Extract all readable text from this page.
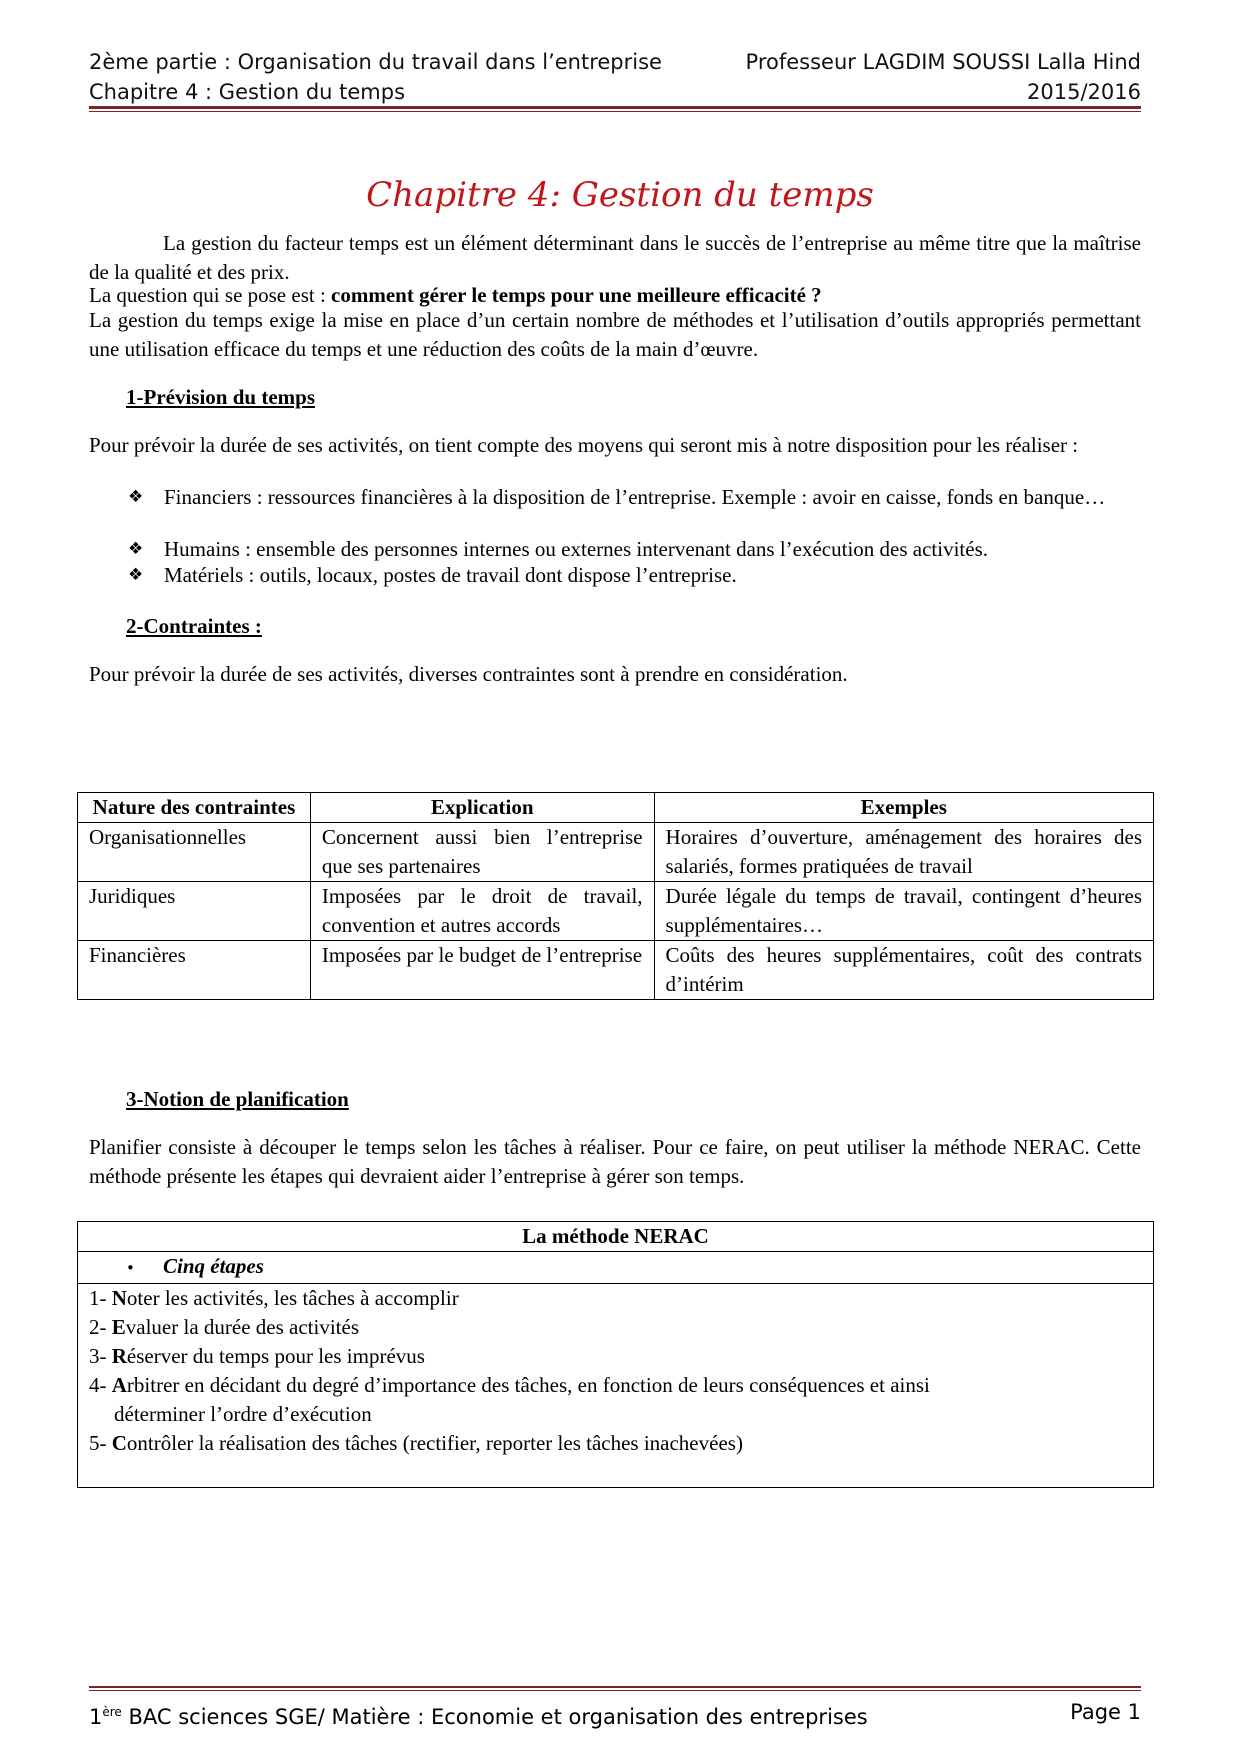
2ème partie : Organisation du travail dans l’entreprise	Professeur LAGDIM SOUSSI Lalla Hind
Chapitre 4 : Gestion du temps	2015/2016
Chapitre 4: Gestion du temps

La gestion du facteur temps est un élément déterminant dans le succès de l’entreprise au même titre que la maîtrise de la qualité et des prix.

La question qui se pose est : comment gérer le temps pour une meilleure efficacité ?

La gestion du temps exige la mise en place d’un certain nombre de méthodes et l’utilisation d’outils appropriés permettant une utilisation efficace du temps et une réduction des coûts de la main d’œuvre.

1-Prévision du temps

Pour prévoir la durée de ses activités, on tient compte des moyens qui seront mis à notre disposition pour les réaliser :

❖ Financiers : ressources financières à la disposition de l’entreprise. Exemple : avoir en caisse, fonds en banque…
❖ Humains : ensemble des personnes internes ou externes intervenant dans l’exécution des activités.
❖ Matériels : outils, locaux, postes de travail dont dispose l’entreprise.

2-Contraintes :

Pour prévoir la durée de ses activités, diverses contraintes sont à prendre en considération.

Nature des contraintes	Explication	Exemples
Organisationnelles	Concernent aussi bien l’entreprise que ses partenaires	Horaires d’ouverture, aménagement des horaires des salariés, formes pratiquées de travail
Juridiques	Imposées par le droit de travail, convention et autres accords	Durée légale du temps de travail, contingent d’heures supplémentaires…
Financières	Imposées par le budget de l’entreprise	Coûts des heures supplémentaires, coût des contrats d’intérim

3-Notion de planification

Planifier consiste à découper le temps selon les tâches à réaliser. Pour ce faire, on peut utiliser la méthode NERAC. Cette méthode présente les étapes qui devraient aider l’entreprise à gérer son temps.

La méthode NERAC
• Cinq étapes

1- Noter les activités, les tâches à accomplir

2- Evaluer la durée des activités

3- Réserver du temps pour les imprévus

4- Arbitrer en décidant du degré d’importance des tâches, en fonction de leurs conséquences et ainsi

déterminer l’ordre d’exécution

5- Contrôler la réalisation des tâches (rectifier, reporter les tâches inachevées)

1ère BAC sciences SGE/ Matière : Economie et organisation des entreprises	Page 1
